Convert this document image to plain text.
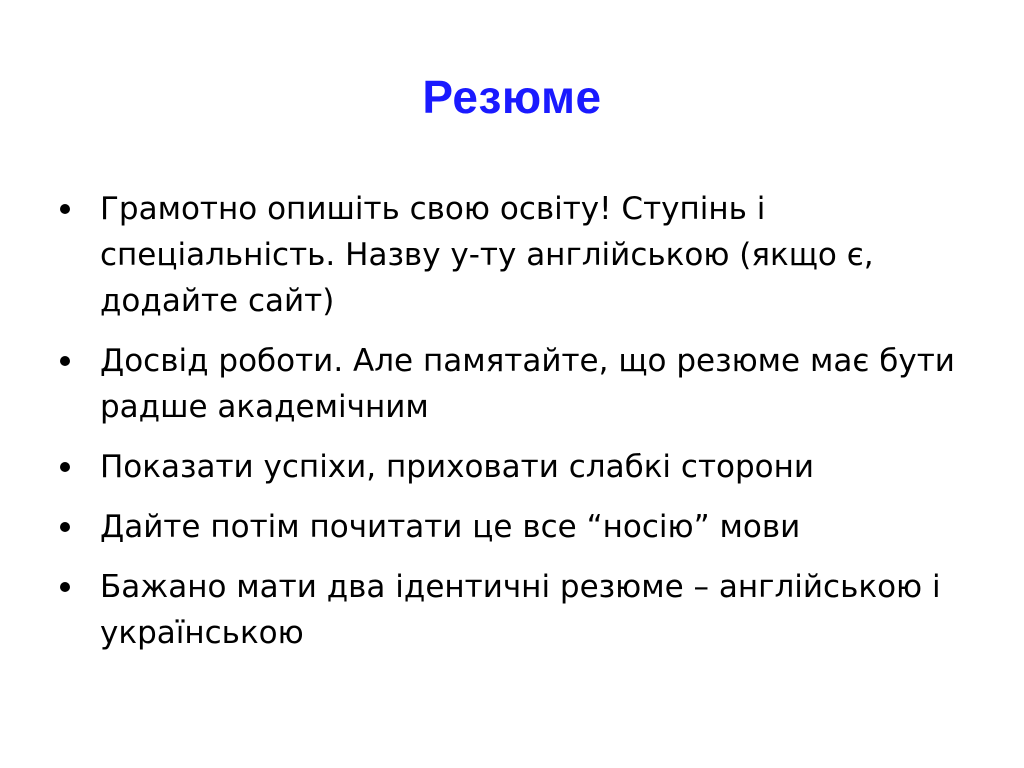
Резюме
Грамотно опишіть свою освіту! Ступінь і спеціальність. Назву у-ту англійською (якщо є, додайте сайт)
Досвід роботи. Але памятайте, що резюме має бути радше академічним
Показати успіхи, приховати слабкі сторони
Дайте потім почитати це все “носію” мови
Бажано мати два ідентичні резюме – англійською і українською
